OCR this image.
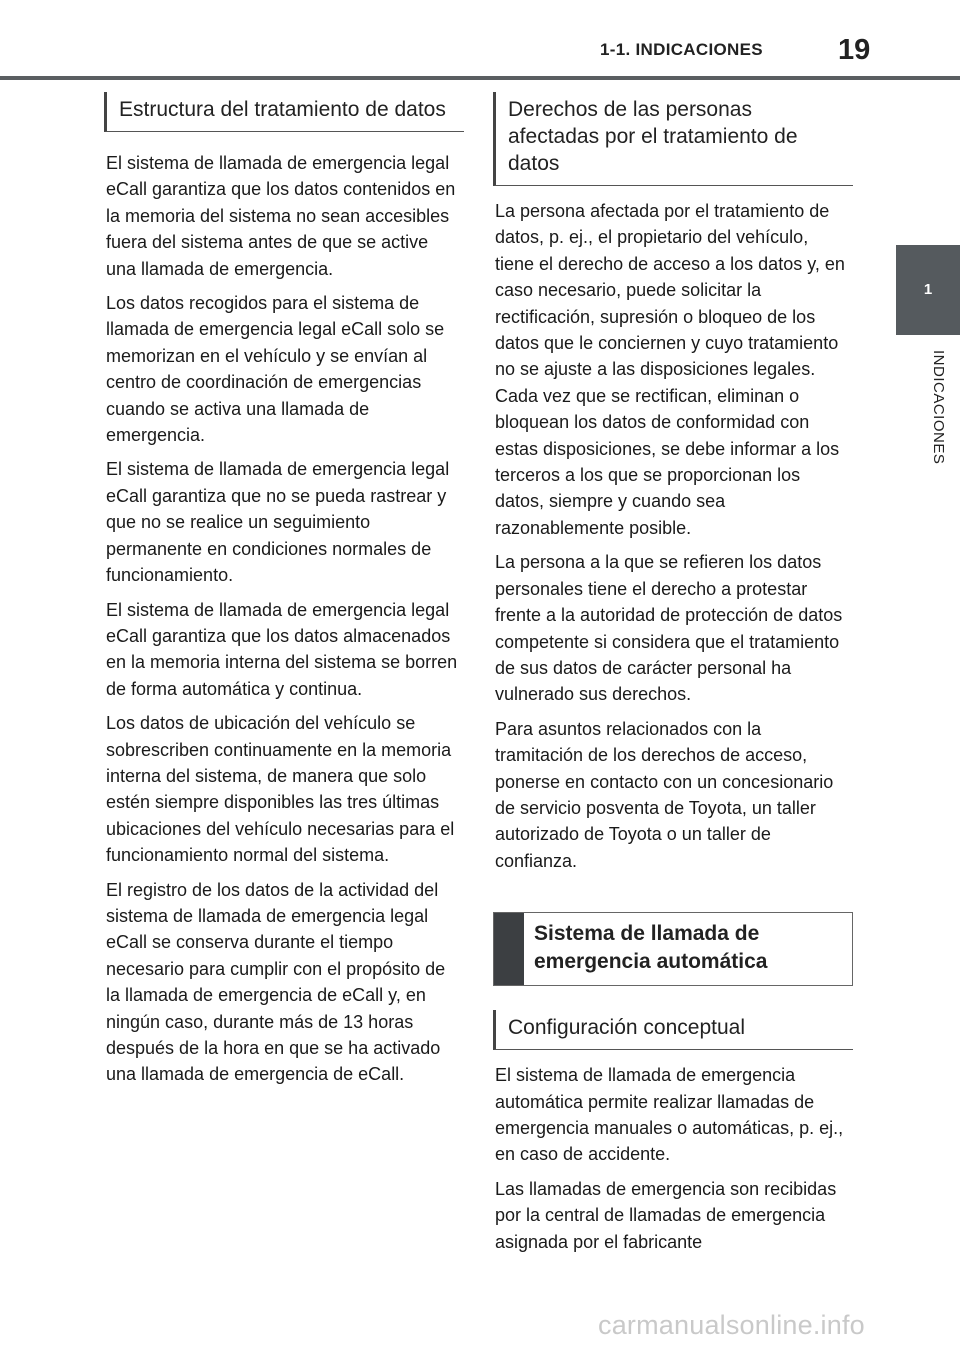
1-1. INDICACIONES	19
1
INDICACIONES
Estructura del tratamiento de datos

El sistema de llamada de emergencia legal eCall garantiza que los datos contenidos en la memoria del sistema no sean accesibles fuera del sistema antes de que se active una llamada de emergencia.

Los datos recogidos para el sistema de llamada de emergencia legal eCall solo se memorizan en el vehículo y se envían al centro de coordinación de emergencias cuando se activa una llamada de emergencia.

El sistema de llamada de emergencia legal eCall garantiza que no se pueda rastrear y que no se realice un seguimiento permanente en condiciones normales de funcionamiento.

El sistema de llamada de emergencia legal eCall garantiza que los datos almacenados en la memoria interna del sistema se borren de forma automática y continua.

Los datos de ubicación del vehículo se sobrescriben continuamente en la memoria interna del sistema, de manera que solo estén siempre disponibles las tres últimas ubicaciones del vehículo necesarias para el funcionamiento normal del sistema.

El registro de los datos de la actividad del sistema de llamada de emergencia legal eCall se conserva durante el tiempo necesario para cumplir con el propósito de la llamada de emergencia de eCall y, en ningún caso, durante más de 13 horas después de la hora en que se ha activado una llamada de emergencia de eCall.

Derechos de las personas afectadas por el tratamiento de datos

La persona afectada por el tratamiento de datos, p. ej., el propietario del vehículo, tiene el derecho de acceso a los datos y, en caso necesario, puede solicitar la rectificación, supresión o bloqueo de los datos que le conciernen y cuyo tratamiento no se ajuste a las disposiciones legales. Cada vez que se rectifican, eliminan o bloquean los datos de conformidad con estas disposiciones, se debe informar a los terceros a los que se proporcionan los datos, siempre y cuando sea razonablemente posible.

La persona a la que se refieren los datos personales tiene el derecho a protestar frente a la autoridad de protección de datos competente si considera que el tratamiento de sus datos de carácter personal ha vulnerado sus derechos.

Para asuntos relacionados con la tramitación de los derechos de acceso, ponerse en contacto con un concesionario de servicio posventa de Toyota, un taller autorizado de Toyota o un taller de confianza.

Sistema de llamada de emergencia automática
Configuración conceptual

El sistema de llamada de emergencia automática permite realizar llamadas de emergencia manuales o automáticas, p. ej., en caso de accidente.

Las llamadas de emergencia son recibidas por la central de llamadas de emergencia asignada por el fabricante

carmanualsonline.info
